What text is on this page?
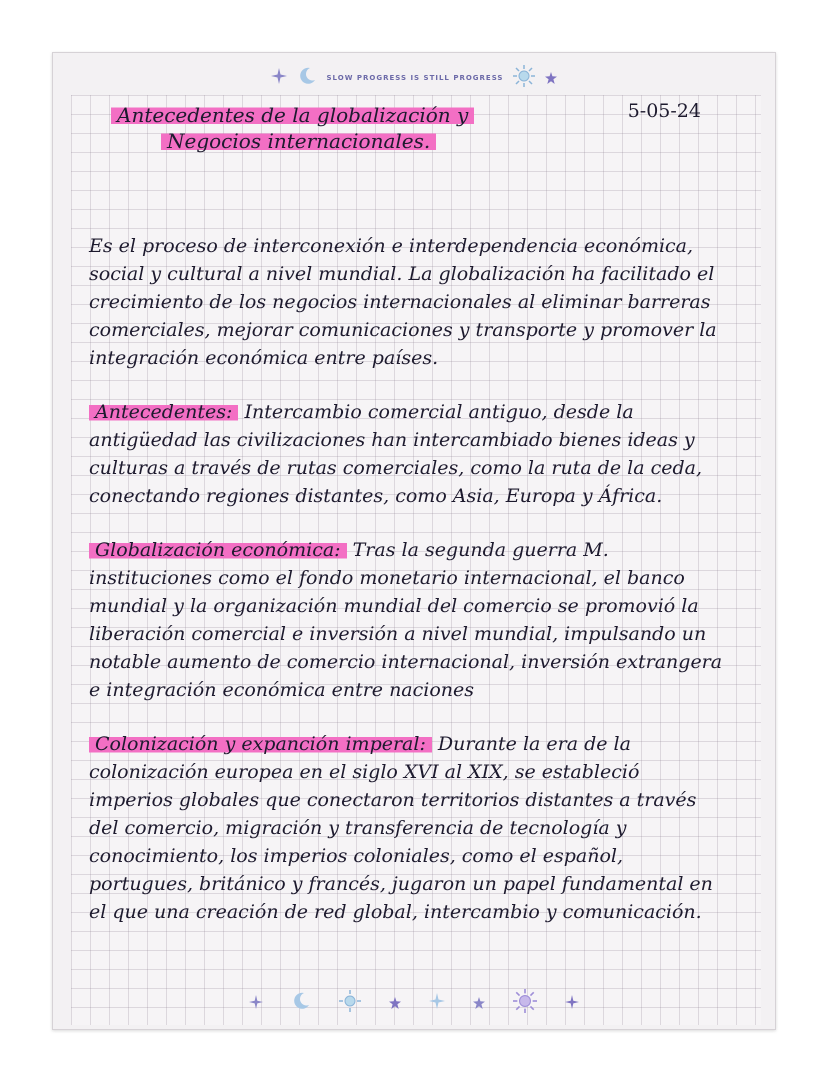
SLOW PROGRESS IS STILL PROGRESS
Antecedentes de la globalización y
Negocios internacionales.
5-05-24

Es el proceso de interconexión e interdependencia económica, social y cultural a nivel mundial. La globalización ha facilitado el crecimiento de los negocios internacionales al eliminar barreras comerciales, mejorar comunicaciones y transporte y promover la integración económica entre países.

Antecedentes: Intercambio comercial antiguo, desde la antigüedad las civilizaciones han intercambiado bienes ideas y culturas a través de rutas comerciales, como la ruta de la ceda, conectando regiones distantes, como Asia, Europa y África.

Globalización económica: Tras la segunda guerra M. instituciones como el fondo monetario internacional, el banco mundial y la organización mundial del comercio se promovió la liberación comercial e inversión a nivel mundial, impulsando un notable aumento de comercio internacional, inversión extrangera e integración económica entre naciones

Colonización y expanción imperal: Durante la era de la colonización europea en el siglo XVI al XIX, se estableció imperios globales que conectaron territorios distantes a través del comercio, migración y transferencia de tecnología y conocimiento, los imperios coloniales, como el español, portugues, británico y francés, jugaron un papel fundamental en el que una creación de red global, intercambio y comunicación.
